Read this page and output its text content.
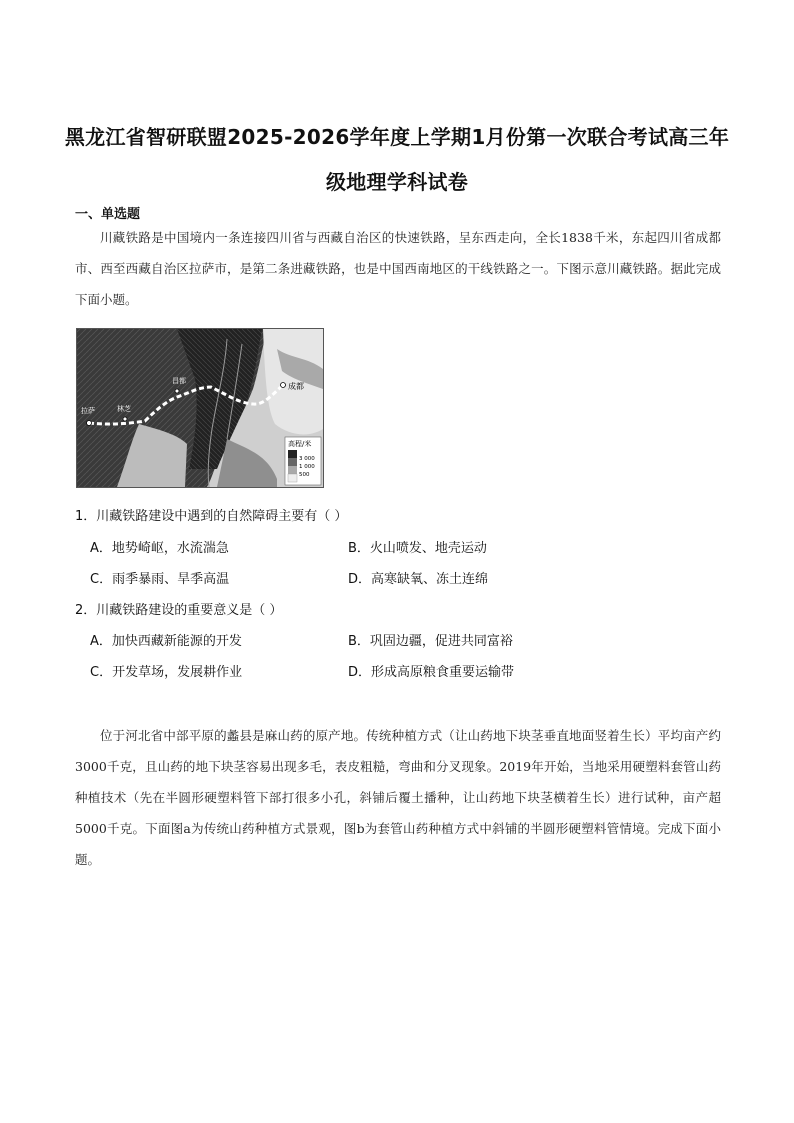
黑龙江省智研联盟2025-2026学年度上学期1月份第一次联合考试高三年
级地理学科试卷
一、单选题

川藏铁路是中国境内一条连接四川省与西藏自治区的快速铁路，呈东西走向，全长1838千米，东起四川省成都市、西至西藏自治区拉萨市，是第二条进藏铁路，也是中国西南地区的干线铁路之一。下图示意川藏铁路。据此完成下面小题。

成都
拉萨	林芝
昌都
高程/米
3 000
1 000
500
1．川藏铁路建设中遇到的自然障碍主要有（ ）
A．地势崎岖，水流湍急	B．火山喷发、地壳运动
C．雨季暴雨、旱季高温	D．高寒缺氧、冻土连绵
2．川藏铁路建设的重要意义是（ ）
A．加快西藏新能源的开发	B．巩固边疆，促进共同富裕
C．开发草场，发展耕作业	D．形成高原粮食重要运输带

位于河北省中部平原的蠡县是麻山药的原产地。传统种植方式（让山药地下块茎垂直地面竖着生长）平均亩产约3000千克，且山药的地下块茎容易出现多毛，表皮粗糙，弯曲和分叉现象。2019年开始，当地采用硬塑料套管山药种植技术（先在半圆形硬塑料管下部打很多小孔，斜铺后覆土播种，让山药地下块茎横着生长）进行试种，亩产超5000千克。下面图a为传统山药种植方式景观，图b为套管山药种植方式中斜铺的半圆形硬塑料管情境。完成下面小题。
